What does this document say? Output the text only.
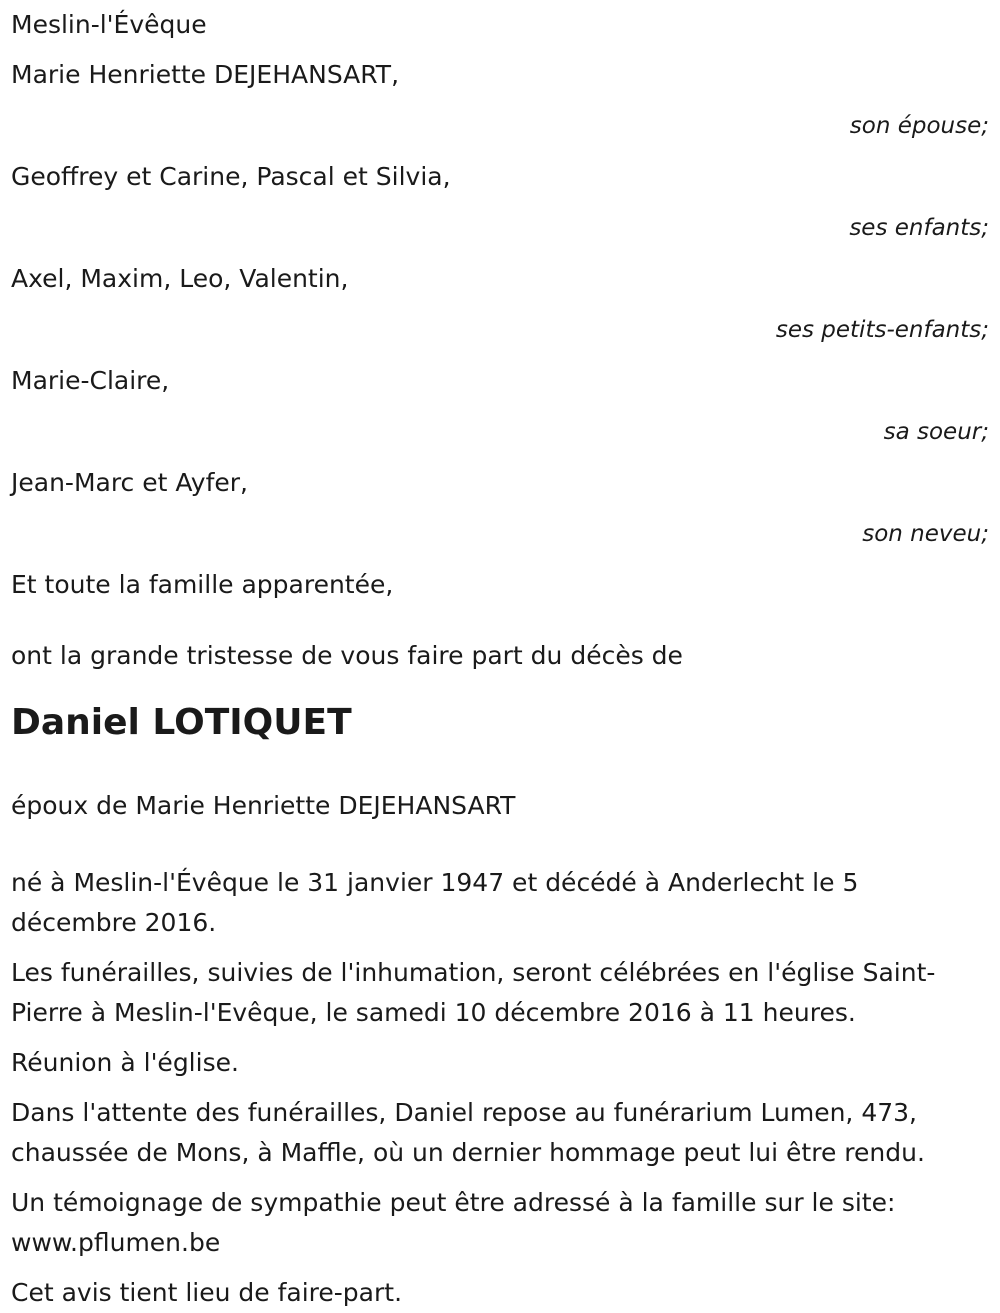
Meslin-l'Évêque

Marie Henriette DEJEHANSART,

son épouse;

Geoffrey et Carine, Pascal et Silvia,

ses enfants;

Axel, Maxim, Leo, Valentin,

ses petits-enfants;

Marie-Claire,

sa soeur;

Jean-Marc et Ayfer,

son neveu;

Et toute la famille apparentée,

ont la grande tristesse de vous faire part du décès de

Daniel LOTIQUET

époux de Marie Henriette DEJEHANSART

né à Meslin-l'Évêque le 31 janvier 1947 et décédé à Anderlecht le 5 décembre 2016.

Les funérailles, suivies de l'inhumation, seront célébrées en l'église Saint-Pierre à Meslin-l'Evêque, le samedi 10 décembre 2016 à 11 heures.

Réunion à l'église.

Dans l'attente des funérailles, Daniel repose au funérarium Lumen, 473, chaussée de Mons, à Maffle, où un dernier hommage peut lui être rendu.

Un témoignage de sympathie peut être adressé à la famille sur le site: www.pflumen.be

Cet avis tient lieu de faire-part.
